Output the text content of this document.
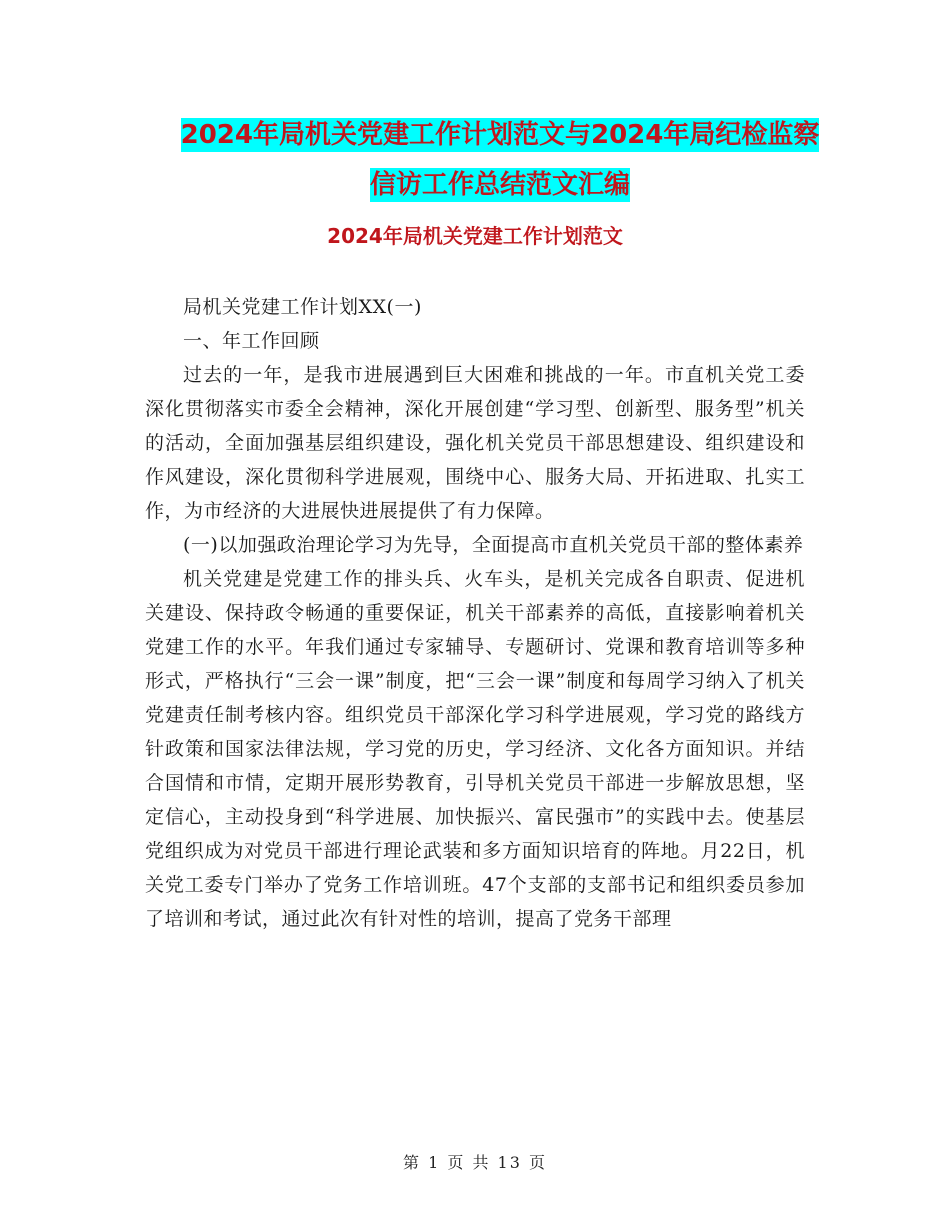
2024年局机关党建工作计划范文与2024年局纪检监察
信访工作总结范文汇编
2024年局机关党建工作计划范文

局机关党建工作计划XX(一)

一、年工作回顾

过去的一年，是我市进展遇到巨大困难和挑战的一年。市直机关党工委深化贯彻落实市委全会精神，深化开展创建“学习型、创新型、服务型”机关的活动，全面加强基层组织建设，强化机关党员干部思想建设、组织建设和作风建设，深化贯彻科学进展观，围绕中心、服务大局、开拓进取、扎实工作，为市经济的大进展快进展提供了有力保障。

(一)以加强政治理论学习为先导，全面提高市直机关党员干部的整体素养

机关党建是党建工作的排头兵、火车头，是机关完成各自职责、促进机关建设、保持政令畅通的重要保证，机关干部素养的高低，直接影响着机关党建工作的水平。年我们通过专家辅导、专题研讨、党课和教育培训等多种形式，严格执行“三会一课”制度，把“三会一课”制度和每周学习纳入了机关党建责任制考核内容。组织党员干部深化学习科学进展观，学习党的路线方针政策和国家法律法规，学习党的历史，学习经济、文化各方面知识。并结合国情和市情，定期开展形势教育，引导机关党员干部进一步解放思想，坚定信心，主动投身到“科学进展、加快振兴、富民强市”的实践中去。使基层党组织成为对党员干部进行理论武装和多方面知识培育的阵地。月22日，机关党工委专门举办了党务工作培训班。47个支部的支部书记和组织委员参加了培训和考试，通过此次有针对性的培训，提高了党务干部理

第 1 页 共 13 页
